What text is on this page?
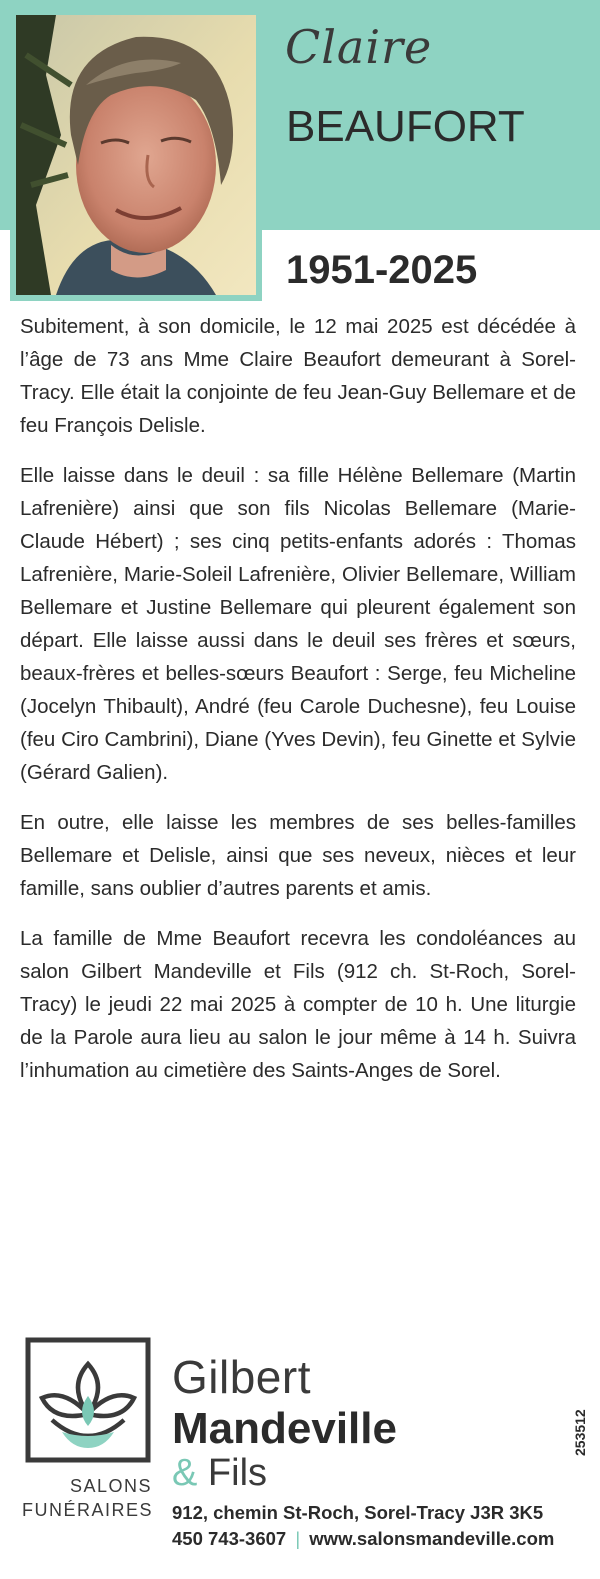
Claire
BEAUFORT
1951-2025

Subitement, à son domicile, le 12 mai 2025 est décédée à l’âge de 73 ans Mme Claire Beaufort demeurant à Sorel-Tracy. Elle était la conjointe de feu Jean-Guy Bellemare et de feu François Delisle.

Elle laisse dans le deuil : sa fille Hélène Bellemare (Martin Lafrenière) ainsi que son fils Nicolas Bellemare (Marie-Claude Hébert) ; ses cinq petits-enfants adorés : Thomas Lafrenière, Marie-Soleil Lafrenière, Olivier Bellemare, William Bellemare et Justine Bellemare qui pleurent également son départ. Elle laisse aussi dans le deuil ses frères et sœurs, beaux-frères et belles-sœurs Beaufort : Serge, feu Micheline (Jocelyn Thibault), André (feu Carole Duchesne), feu Louise (feu Ciro Cambrini), Diane (Yves Devin), feu Ginette et Sylvie (Gérard Galien).

En outre, elle laisse les membres de ses belles-familles Bellemare et Delisle, ainsi que ses neveux, nièces et leur famille, sans oublier d’autres parents et amis.

La famille de Mme Beaufort recevra les condoléances au salon Gilbert Mandeville et Fils (912 ch. St-Roch, Sorel-Tracy) le jeudi 22 mai 2025 à compter de 10 h. Une liturgie de la Parole aura lieu au salon le jour même à 14 h. Suivra l’inhumation au cimetière des Saints-Anges de Sorel.

SALONS
FUNÉRAIRES
Gilbert
Mandeville
& Fils
912, chemin St-Roch, Sorel-Tracy J3R 3K5
450 743-3607 | www.salonsmandeville.com
253512
